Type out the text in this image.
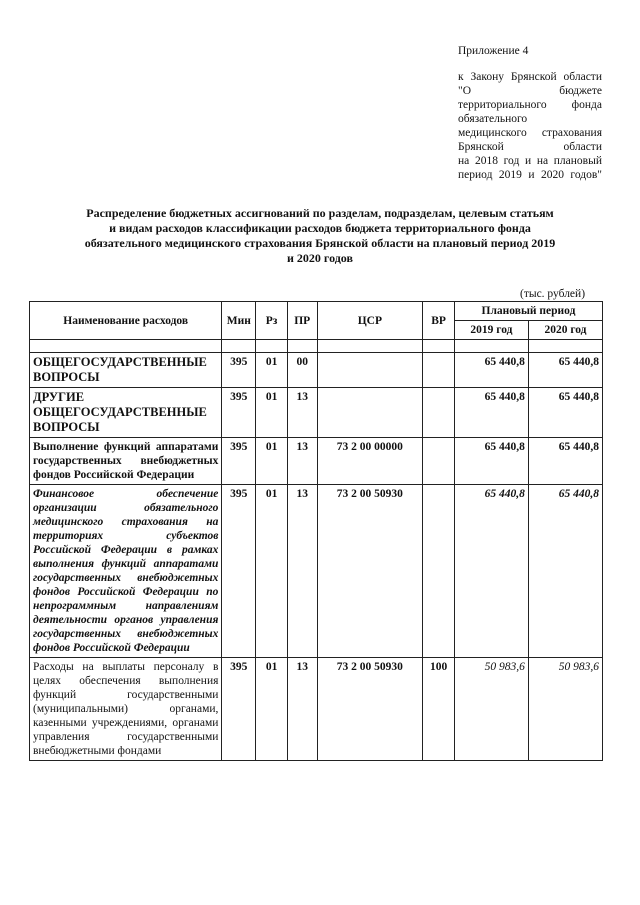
Приложение 4
к Закону Брянской области
"О бюджете
территориального фонда
обязательного
медицинского страхования
Брянской области
на 2018 год и на плановый
период 2019 и 2020 годов"
Распределение бюджетных ассигнований по разделам, подразделам, целевым статьям
и видам расходов классификации расходов бюджета территориального фонда
обязательного медицинского страхования Брянской области на плановый период 2019
и 2020 годов
(тыс. рублей)
Наименование расходов	Мин	Рз	ПР	ЦСР	ВР	Плановый период	
						2019 год	2020 год

ОБЩЕГОСУДАРСТВЕННЫЕ ВОПРОСЫ	395	01	00			65 440,8	65 440,8
ДРУГИЕ ОБЩЕГОСУДАРСТВЕННЫЕ ВОПРОСЫ	395	01	13			65 440,8	65 440,8
Выполнение функций аппаратами государственных внебюджетных фондов Российской Федерации	395	01	13	73 2 00 00000		65 440,8	65 440,8
Финансовое обеспечение организации обязательного медицинского страхования на территориях субъектов Российской Федерации в рамках выполнения функций аппаратами государственных внебюджетных фондов Российской Федерации по непрограммным направлениям деятельности органов управления государственных внебюджетных фондов Российской Федерации	395	01	13	73 2 00 50930		65 440,8	65 440,8
Расходы на выплаты персоналу в целях обеспечения выполнения функций государственными (муниципальными) органами, казенными учреждениями, органами управления государственными внебюджетными фондами	395	01	13	73 2 00 50930	100	50 983,6	50 983,6
